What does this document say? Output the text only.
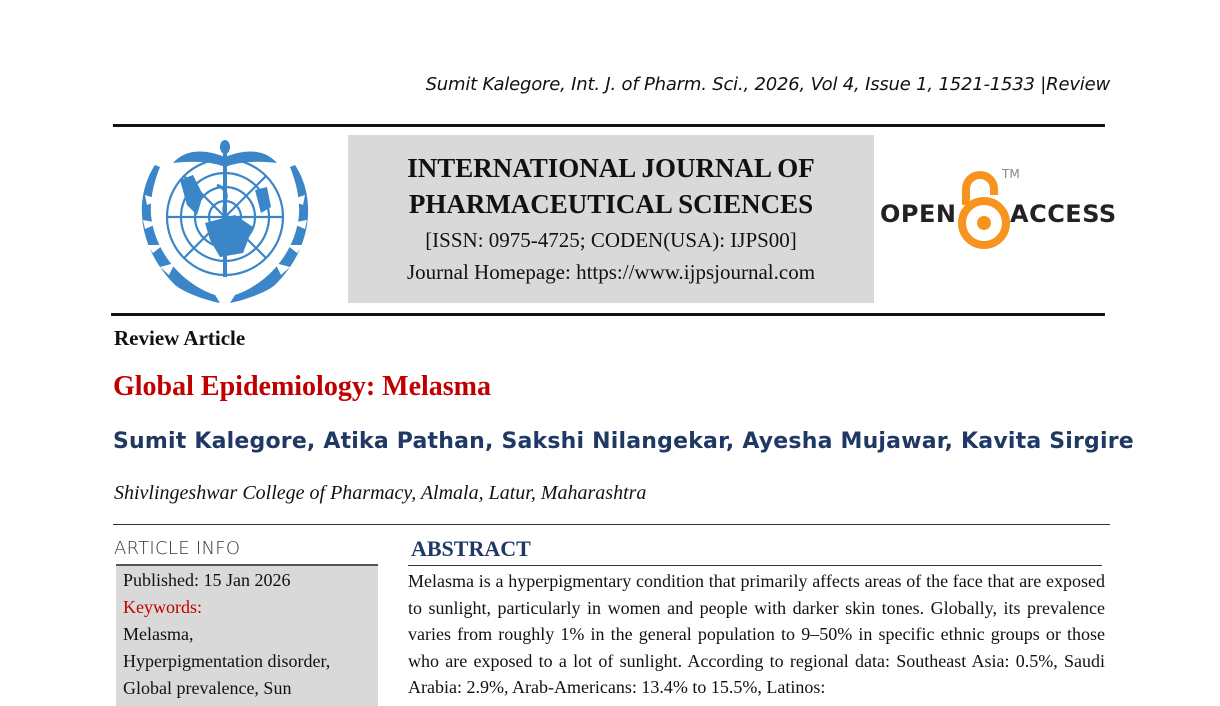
Sumit Kalegore, Int. J. of Pharm. Sci., 2026, Vol 4, Issue 1, 1521-1533 |Review
INTERNATIONAL JOURNAL OF
PHARMACEUTICAL SCIENCES
[ISSN: 0975-4725; CODEN(USA): IJPS00]
Journal Homepage: https://www.ijpsjournal.com
OPEN
TM
ACCESS
Review Article
Global Epidemiology: Melasma
Sumit Kalegore, Atika Pathan, Sakshi Nilangekar, Ayesha Mujawar, Kavita Sirgire
Shivlingeshwar College of Pharmacy, Almala, Latur, Maharashtra
ARTICLE INFO
Published: 15 Jan 2026
Keywords:
Melasma,
Hyperpigmentation disorder,
Global prevalence, Sun
ABSTRACT

Melasma is a hyperpigmentary condition that primarily affects areas of the face that are exposed to sunlight, particularly in women and people with darker skin tones. Globally, its prevalence varies from roughly 1% in the general population to 9–50% in specific ethnic groups or those who are exposed to a lot of sunlight. According to regional data: Southeast Asia: 0.5%, Saudi Arabia: 2.9%, Arab-Americans: 13.4% to 15.5%, Latinos:
